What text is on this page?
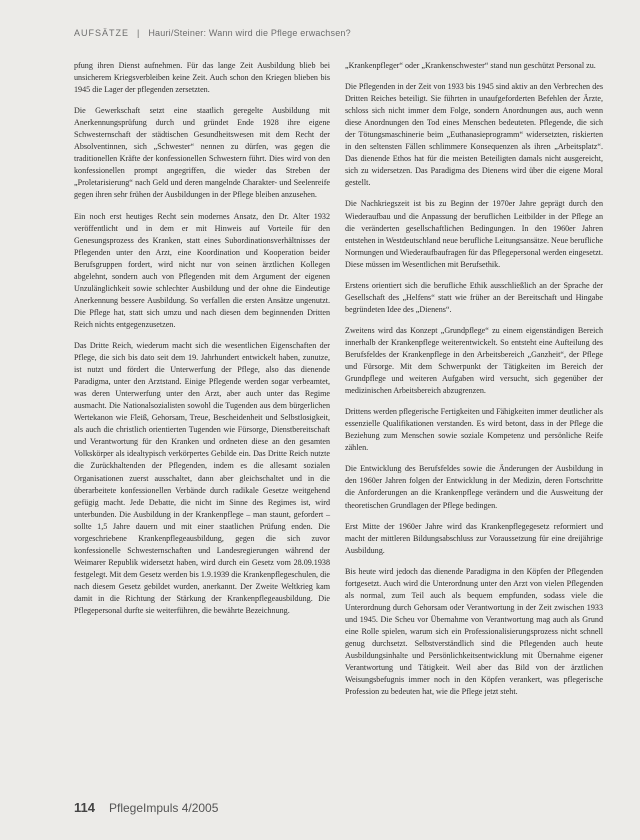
AUFSÄTZE | Hauri/Steiner: Wann wird die Pflege erwachsen?

pfung ihren Dienst aufnehmen. Für das lange Zeit Ausbildung blieb bei unsicherem Kriegsverbleiben keine Zeit. Auch schon den Kriegen blieben bis 1945 die Lager der pflegenden zersetzten.

Die Gewerkschaft setzt eine staatlich geregelte Ausbildung mit Anerkennungsprüfung durch und gründet Ende 1928 ihre eigene Schwesternschaft der städtischen Gesundheitswesen mit dem Recht der Absolventinnen, sich „Schwester“ nennen zu dürfen, was gegen die traditionellen Kräfte der konfessionellen Schwestern führt. Dies wird von den konfessionellen prompt angegriffen, die wieder das Streben der „Proletarisierung“ nach Geld und deren mangelnde Charakter- und Seelenreife gegen ihren sehr frühen der Ausbildungen in der Pflege bleiben anzusehen.

Ein noch erst heutiges Recht sein modernes Ansatz, den Dr. Alter 1932 veröffentlicht und in dem er mit Hinweis auf Vorteile für den Genesungsprozess des Kranken, statt eines Subordinationsverhältnisses der Pflegenden unter den Arzt, eine Koordination und Kooperation beider Berufsgruppen fordert, wird nicht nur von seinen ärztlichen Kollegen abgelehnt, sondern auch von Pflegenden mit dem Argument der eigenen Unzulänglichkeit sowie schlechter Ausbildung und der ohne die Eindeutige Anerkennung bessere Ausbildung. So verfallen die ersten Ansätze ungenutzt. Die Pflege hat, statt sich umzu und nach diesen dem beginnenden Dritten Reich nichts entgegenzusetzen.

Das Dritte Reich, wiederum macht sich die wesentlichen Eigenschaften der Pflege, die sich bis dato seit dem 19. Jahrhundert entwickelt haben, zunutze, ist nutzt und fördert die Unterwerfung der Pflege, also das dienende Paradigma, unter den Arztstand. Einige Pflegende werden sogar verbeamtet, was deren Unterwerfung unter den Arzt, aber auch unter das Regime ausmacht. Die Nationalsozialisten sowohl die Tugenden aus dem bürgerlichen Wertekanon wie Fleiß, Gehorsam, Treue, Bescheidenheit und Selbstlosigkeit, als auch die christlich orientierten Tugenden wie Fürsorge, Dienstbereitschaft und Verantwortung für den Kranken und ordneten diese an den gesamten Volkskörper als idealtypisch verkörpertes Gebilde ein. Das Dritte Reich nutzte die Zurückhaltenden der Pflegenden, indem es die allesamt sozialen Organisationen zuerst ausschaltet, dann aber gleichschaltet und in die überarbeitete konfessionellen Verbände durch radikale Gesetze weitgehend gefügig macht. Jede Debatte, die nicht im Sinne des Regimes ist, wird unterbunden. Die Ausbildung in der Krankenpflege – man staunt, gefordert – sollte 1,5 Jahre dauern und mit einer staatlichen Prüfung enden. Die vorgeschriebene Krankenpflegeausbildung, gegen die sich zuvor konfessionelle Schwesternschaften und Landesregierungen während der Weimarer Republik widersetzt haben, wird durch ein Gesetz vom 28.09.1938 festgelegt. Mit dem Gesetz werden bis 1.9.1939 die Krankenpflegeschulen, die nach diesem Gesetz gebildet wurden, anerkannt. Der Zweite Weltkrieg kam damit in die Richtung der Stärkung der Krankenpflegeausbildung. Die Pflegepersonal durfte sie weiterführen, die bewährte Bezeichnung.

„Krankenpfleger“ oder „Krankenschwester“ stand nun geschützt Personal zu.

Die Pflegenden in der Zeit von 1933 bis 1945 sind aktiv an den Verbrechen des Dritten Reiches beteiligt. Sie führten in unaufgeforderten Befehlen der Ärzte, schloss sich nicht immer dem Folge, sondern Anordnungen aus, auch wenn diese Anordnungen den Tod eines Menschen bedeuteten. Pflegende, die sich der Tötungsmaschinerie beim „Euthanasieprogramm“ widersetzten, riskierten in den seltensten Fällen schlimmere Konsequenzen als ihren „Arbeitsplatz“. Das dienende Ethos hat für die meisten Beteiligten damals nicht ausgereicht, sich zu widersetzen. Das Paradigma des Dienens wird über die eigene Moral gestellt.

Die Nachkriegszeit ist bis zu Beginn der 1970er Jahre geprägt durch den Wiederaufbau und die Anpassung der beruflichen Leitbilder in der Pflege an die veränderten gesellschaftlichen Bedingungen. In den 1960er Jahren entstehen in Westdeutschland neue berufliche Leitungsansätze. Neue berufliche Normungen und Wiederaufbaufragen für das Pflegepersonal werden eingesetzt. Diese müssen im Wesentlichen mit Berufsethik.

Erstens orientiert sich die berufliche Ethik ausschließlich an der Sprache der Gesellschaft des „Helfens“ statt wie früher an der Bereitschaft und Hingabe begründeten Idee des „Dienens“.

Zweitens wird das Konzept „Grundpflege“ zu einem eigenständigen Bereich innerhalb der Krankenpflege weiterentwickelt. So entsteht eine Aufteilung des Berufsfeldes der Krankenpflege in den Arbeitsbereich „Ganzheit“, der Pflege und Fürsorge. Mit dem Schwerpunkt der Tätigkeiten im Bereich der Grundpflege und weiteren Aufgaben wird versucht, sich gegenüber der medizinischen Arbeitsbereich abzugrenzen.

Drittens werden pflegerische Fertigkeiten und Fähigkeiten immer deutlicher als essenzielle Qualifikationen verstanden. Es wird betont, dass in der Pflege die Beziehung zum Menschen sowie soziale Kompetenz und persönliche Reife zählen.

Die Entwicklung des Berufsfeldes sowie die Änderungen der Ausbildung in den 1960er Jahren folgen der Entwicklung in der Medizin, deren Fortschritte die Anforderungen an die Krankenpflege verändern und die Ausweitung der theoretischen Grundlagen der Pflege bedingen.

Erst Mitte der 1960er Jahre wird das Krankenpflegegesetz reformiert und macht der mittleren Bildungsabschluss zur Voraussetzung für eine dreijährige Ausbildung.

Bis heute wird jedoch das dienende Paradigma in den Köpfen der Pflegenden fortgesetzt. Auch wird die Unterordnung unter den Arzt von vielen Pflegenden als normal, zum Teil auch als bequem empfunden, sodass viele die Unterordnung durch Gehorsam oder Verantwortung in der Zeit zwischen 1933 und 1945. Die Scheu vor Übernahme von Verantwortung mag auch als Grund eine Rolle spielen, warum sich ein Professionalisierungsprozess nicht schnell genug durchsetzt. Selbstverständlich sind die Pflegenden auch heute Ausbildungsinhalte und Persönlichkeitsentwicklung mit Übernahme eigener Verantwortung und Tätigkeit. Weil aber das Bild von der ärztlichen Weisungsbefugnis immer noch in den Köpfen verankert, was pflegerische Profession zu bedeuten hat, wie die Pflege jetzt steht.

114 PflegeImpuls 4/2005
